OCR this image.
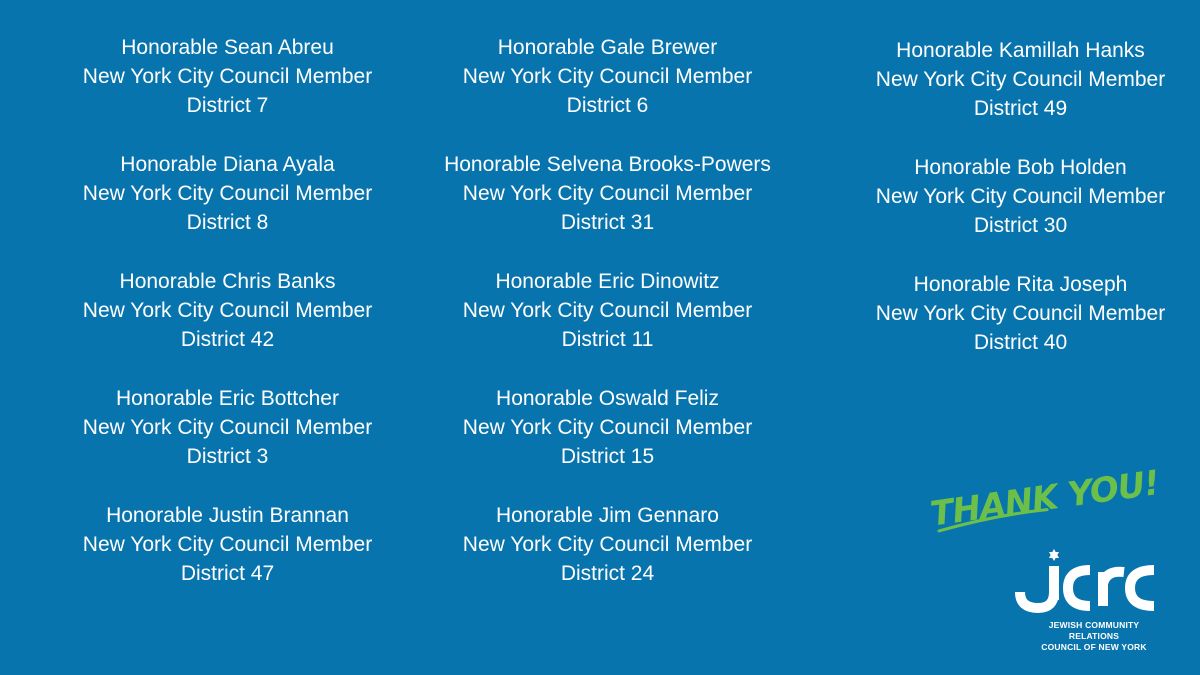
Honorable Sean Abreu
New York City Council Member
District 7
Honorable Diana Ayala
New York City Council Member
District 8
Honorable Chris Banks
New York City Council Member
District 42
Honorable Eric Bottcher
New York City Council Member
District 3
Honorable Justin Brannan
New York City Council Member
District 47
Honorable Gale Brewer
New York City Council Member
District 6
Honorable Selvena Brooks-Powers
New York City Council Member
District 31
Honorable Eric Dinowitz
New York City Council Member
District 11
Honorable Oswald Feliz
New York City Council Member
District 15
Honorable Jim Gennaro
New York City Council Member
District 24
Honorable Kamillah Hanks
New York City Council Member
District 49
Honorable Bob Holden
New York City Council Member
District 30
Honorable Rita Joseph
New York City Council Member
District 40
THANK YOU!
JEWISH COMMUNITY RELATIONS
COUNCIL OF NEW YORK
